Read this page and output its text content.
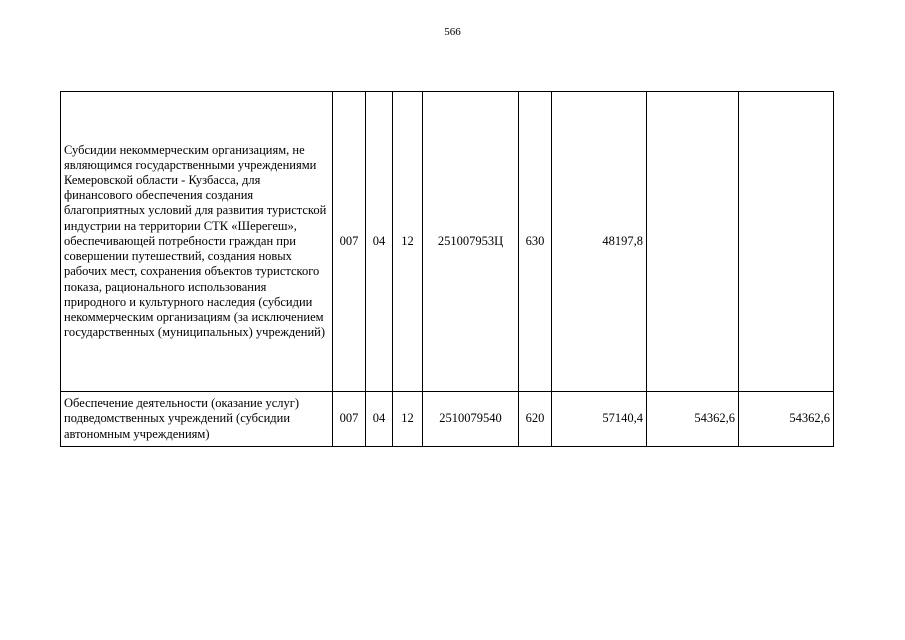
566
Субсидии некоммерческим организациям, не являющимся государственными учреждениями Кемеровской области - Кузбасса, для финансового обеспечения создания благоприятных условий для развития туристской индустрии на территории СТК «Шерегеш», обеспечивающей потребности граждан при совершении путешествий, создания новых рабочих мест, сохранения объектов туристского показа, рационального использования природного и культурного наследия (субсидии некоммерческим организациям (за исключением государственных (муниципальных) учреждений)	007	04	12	251007953Ц	630	48197,8		
Обеспечение деятельности (оказание услуг) подведомственных учреждений (субсидии автономным учреждениям)	007	04	12	2510079540	620	57140,4	54362,6	54362,6
